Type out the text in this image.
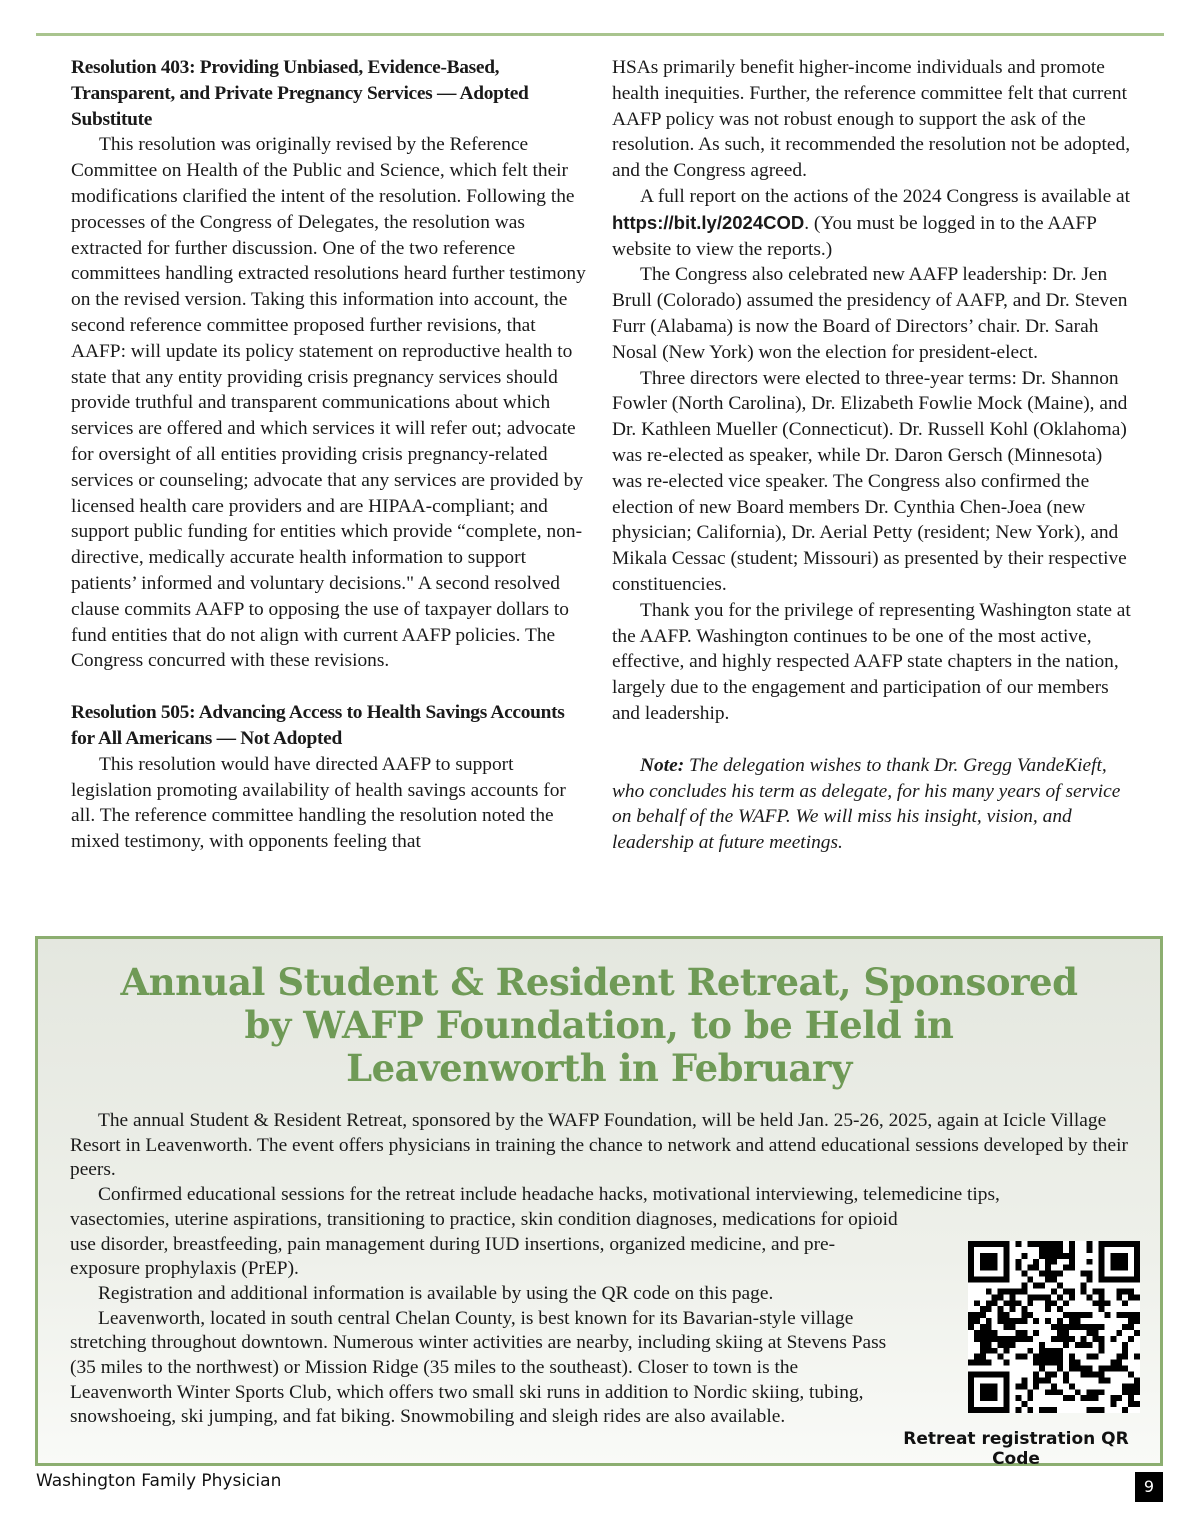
Resolution 403: Providing Unbiased, Evidence-Based, Transparent, and Private Pregnancy Services — Adopted Substitute

This resolution was originally revised by the Reference Committee on Health of the Public and Science, which felt their modifications clarified the intent of the resolution. Following the processes of the Congress of Delegates, the resolution was extracted for further discussion. One of the two reference committees handling extracted resolutions heard further testimony on the revised version. Taking this information into account, the second reference committee proposed further revisions, that AAFP: will update its policy statement on reproductive health to state that any entity providing crisis pregnancy services should provide truthful and transparent communications about which services are offered and which services it will refer out; advocate for oversight of all entities providing crisis pregnancy-related services or counseling; advocate that any services are provided by licensed health care providers and are HIPAA-compliant; and support public funding for entities which provide “complete, non-directive, medically accurate health information to support patients’ informed and voluntary decisions." A second resolved clause commits AAFP to opposing the use of taxpayer dollars to fund entities that do not align with current AAFP policies. The Congress concurred with these revisions.

Resolution 505: Advancing Access to Health Savings Accounts for All Americans — Not Adopted

This resolution would have directed AAFP to support legislation promoting availability of health savings accounts for all. The reference committee handling the resolution noted the mixed testimony, with opponents feeling that

HSAs primarily benefit higher-income individuals and promote health inequities. Further, the reference committee felt that current AAFP policy was not robust enough to support the ask of the resolution. As such, it recommended the resolution not be adopted, and the Congress agreed.

A full report on the actions of the 2024 Congress is available at https://bit.ly/2024COD. (You must be logged in to the AAFP website to view the reports.)

The Congress also celebrated new AAFP leadership: Dr. Jen Brull (Colorado) assumed the presidency of AAFP, and Dr. Steven Furr (Alabama) is now the Board of Directors’ chair. Dr. Sarah Nosal (New York) won the election for president-elect.

Three directors were elected to three-year terms: Dr. Shannon Fowler (North Carolina), Dr. Elizabeth Fowlie Mock (Maine), and Dr. Kathleen Mueller (Connecticut). Dr. Russell Kohl (Oklahoma) was re-elected as speaker, while Dr. Daron Gersch (Minnesota) was re-elected vice speaker. The Congress also confirmed the election of new Board members Dr. Cynthia Chen-Joea (new physician; California), Dr. Aerial Petty (resident; New York), and Mikala Cessac (student; Missouri) as presented by their respective constituencies.

Thank you for the privilege of representing Washington state at the AAFP. Washington continues to be one of the most active, effective, and highly respected AAFP state chapters in the nation, largely due to the engagement and participation of our members and leadership.

Note: The delegation wishes to thank Dr. Gregg VandeKieft, who concludes his term as delegate, for his many years of service on behalf of the WAFP. We will miss his insight, vision, and leadership at future meetings.

Annual Student & Resident Retreat, Sponsored
by WAFP Foundation, to be Held in
Leavenworth in February

The annual Student & Resident Retreat, sponsored by the WAFP Foundation, will be held Jan. 25-26, 2025, again at Icicle Village Resort in Leavenworth. The event offers physicians in training the chance to network and attend educational sessions developed by their peers.

Confirmed educational sessions for the retreat include headache hacks, motivational interviewing, telemedicine tips,

vasectomies, uterine aspirations, transitioning to practice, skin condition diagnoses, medications for opioid use disorder, breastfeeding, pain management during IUD insertions, organized medicine, and pre-exposure prophylaxis (PrEP).

Registration and additional information is available by using the QR code on this page.

Leavenworth, located in south central Chelan County, is best known for its Bavarian-style village stretching throughout downtown. Numerous winter activities are nearby, including skiing at Stevens Pass (35 miles to the northwest) or Mission Ridge (35 miles to the southeast). Closer to town is the Leavenworth Winter Sports Club, which offers two small ski runs in addition to Nordic skiing, tubing, snowshoeing, ski jumping, and fat biking. Snowmobiling and sleigh rides are also available.

Retreat registration QR Code
Washington Family Physician	9
